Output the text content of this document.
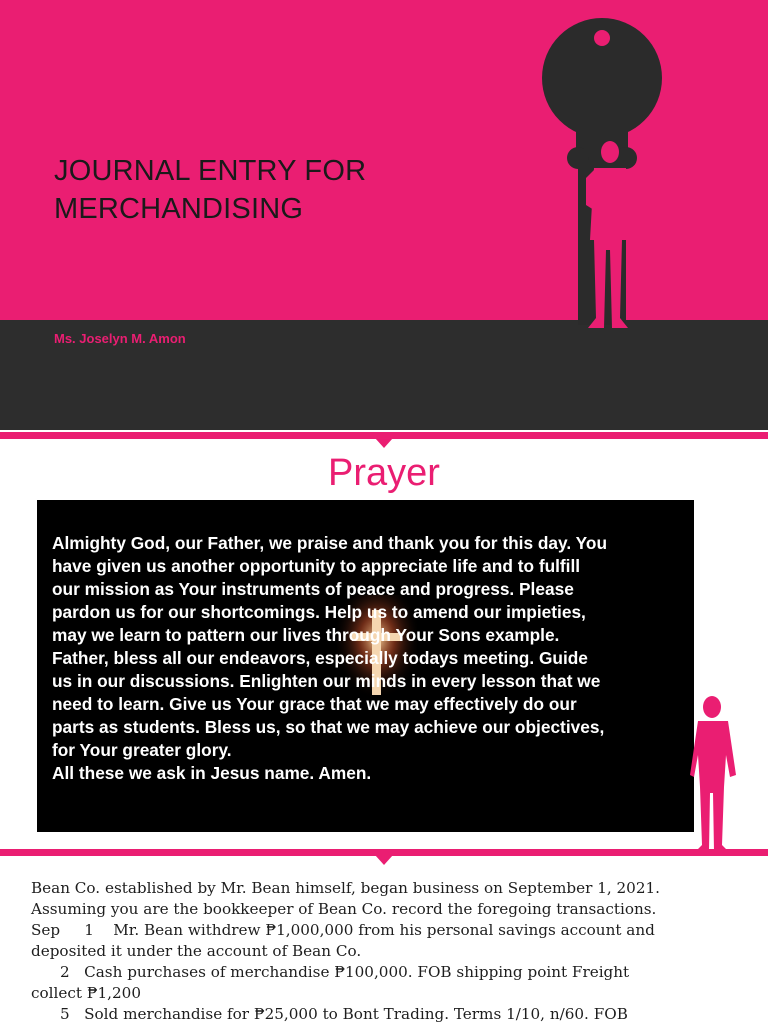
JOURNAL ENTRY FOR
MERCHANDISING
Ms. Joselyn M. Amon
Prayer
Almighty God, our Father, we praise and thank you for this day. You
have given us another opportunity to appreciate life and to fulfill
our mission as Your instruments of peace and progress. Please
pardon us for our shortcomings. Help us to amend our impieties,
may we learn to pattern our lives through Your Sons example.
Father, bless all our endeavors, especially todays meeting. Guide
us in our discussions. Enlighten our minds in every lesson that we
need to learn. Give us Your grace that we may effectively do our
parts as students. Bless us, so that we may achieve our objectives,
for Your greater glory.
All these we ask in Jesus name. Amen.
Bean Co. established by Mr. Bean himself, began business on September 1, 2021.
Assuming you are the bookkeeper of Bean Co. record the foregoing transactions.
Sep     1    Mr. Bean withdrew ₱1,000,000 from his personal savings account and
deposited it under the account of Bean Co.
2   Cash purchases of merchandise ₱100,000. FOB shipping point Freight
collect ₱1,200
5   Sold merchandise for ₱25,000 to Bont Trading. Terms 1/10, n/60. FOB
